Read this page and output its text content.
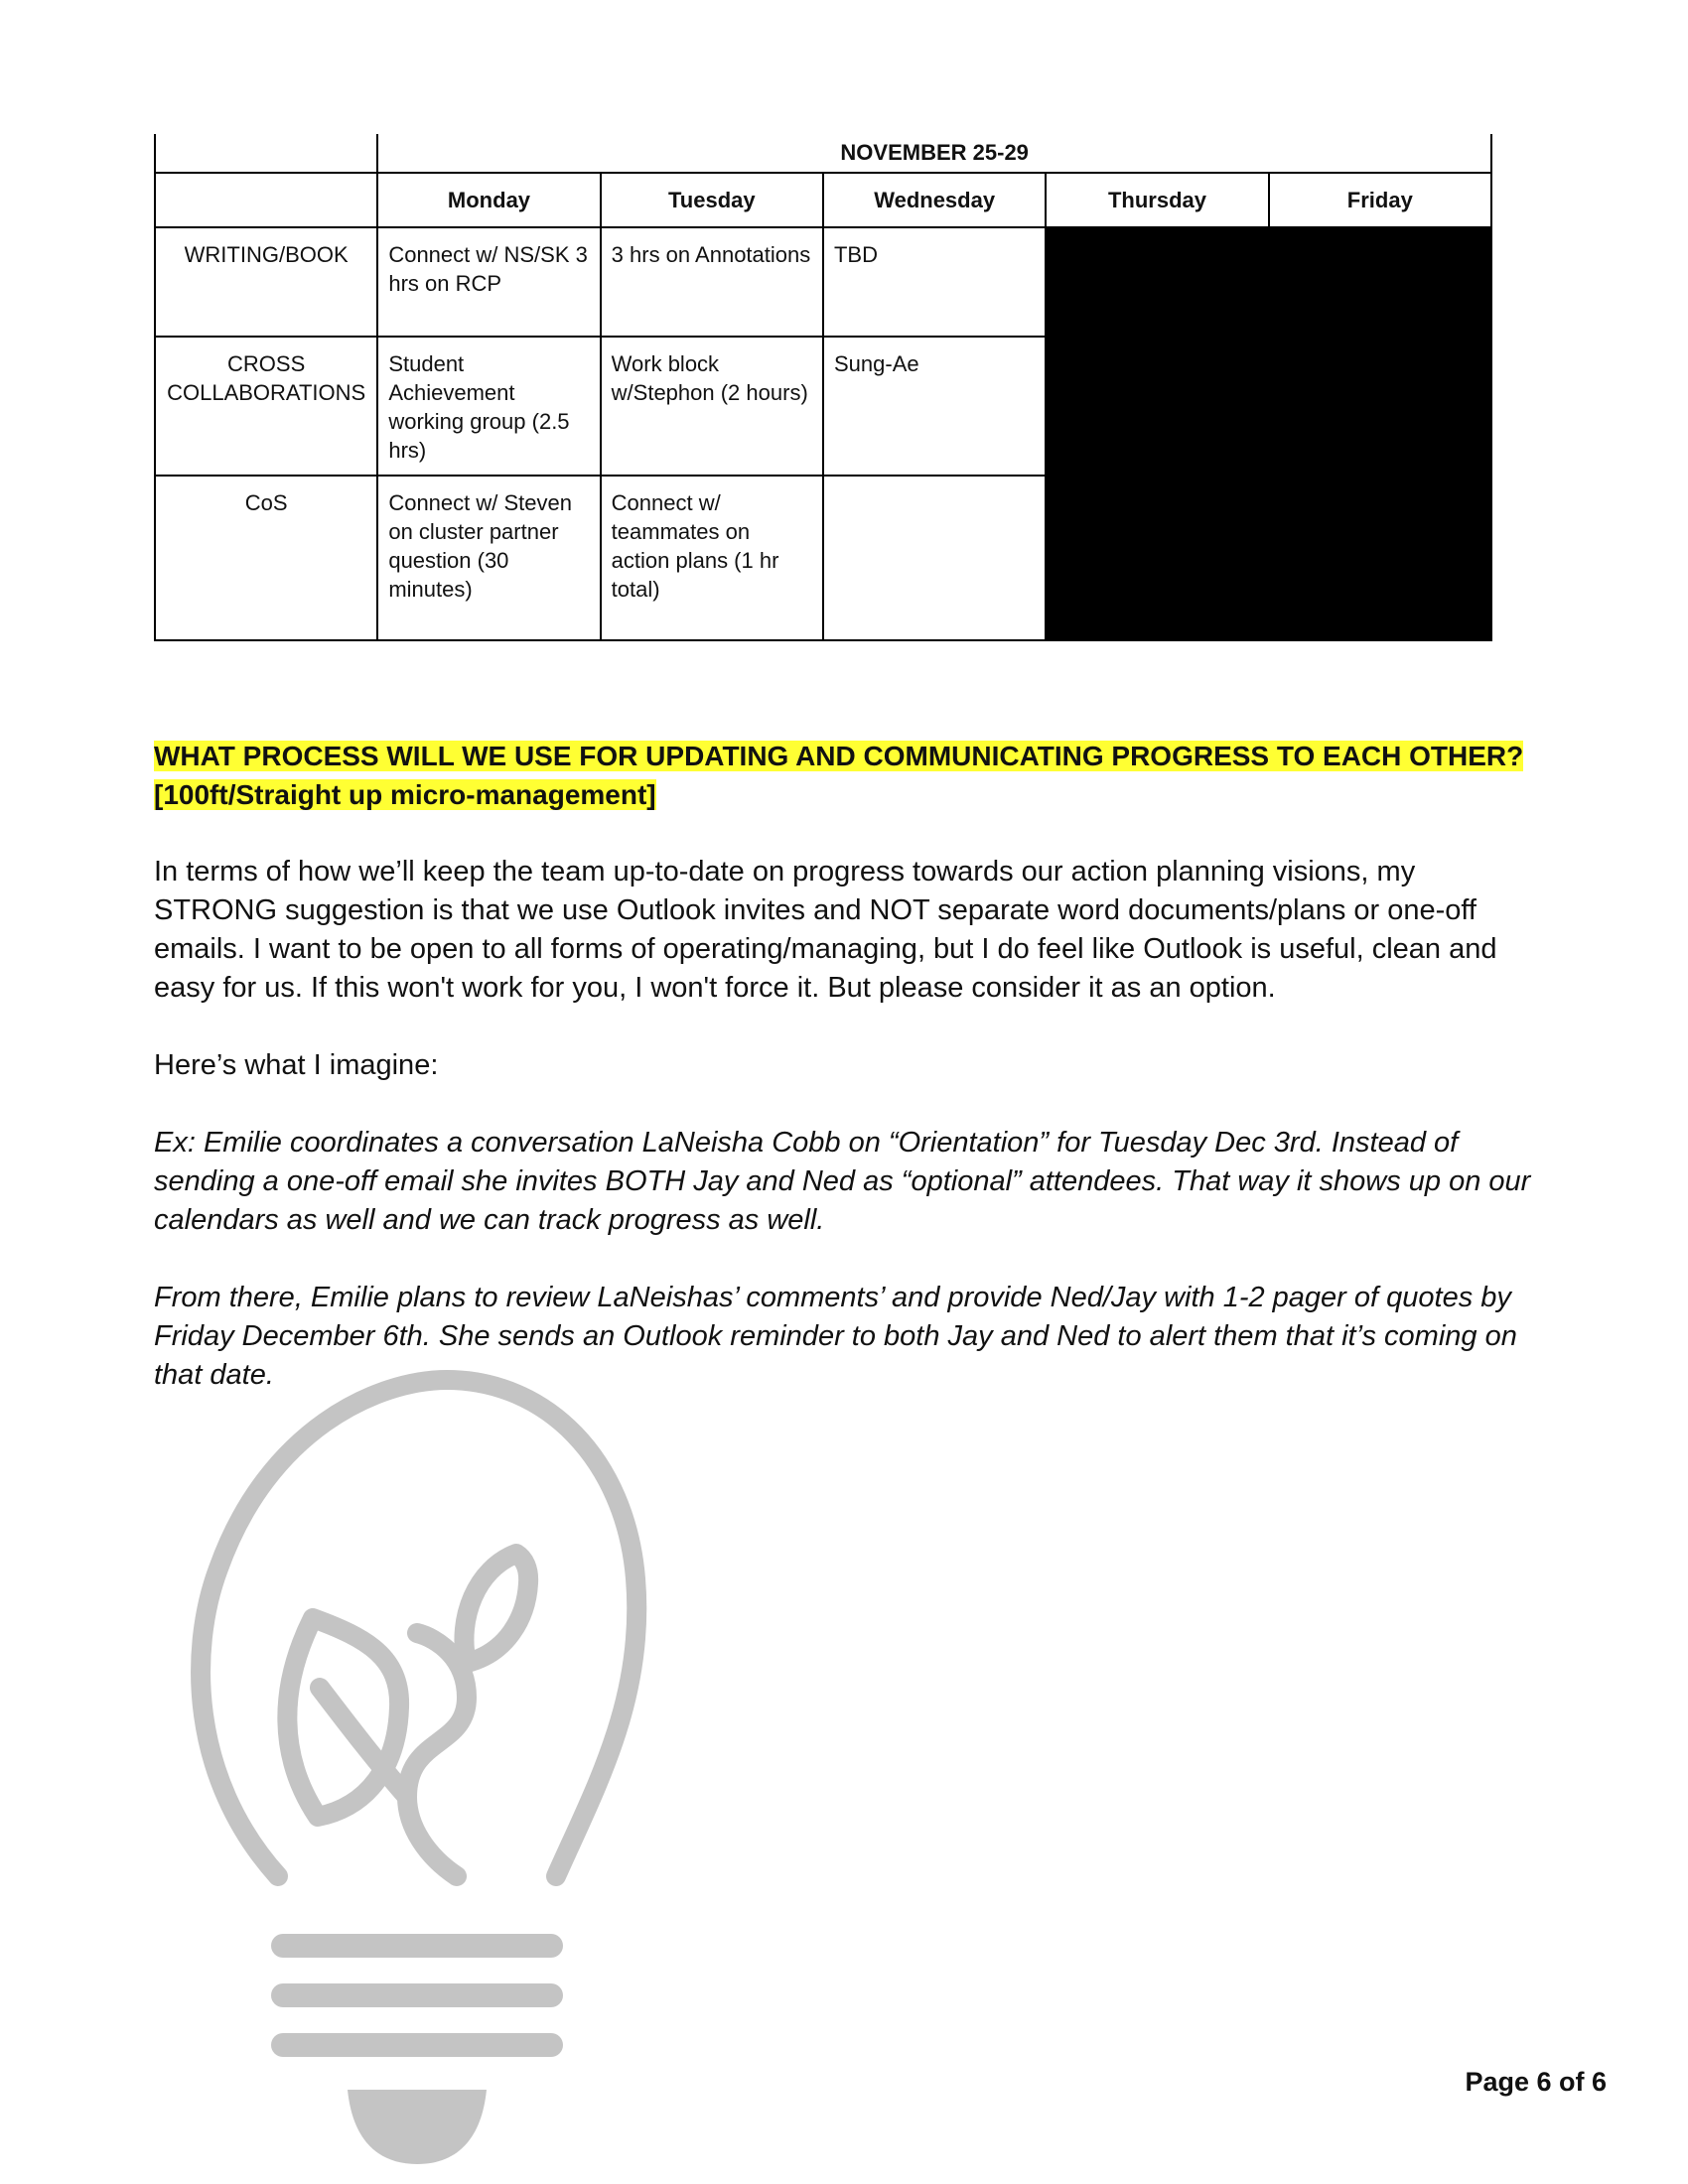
	NOVEMBER 25-29				
	Monday	Tuesday	Wednesday	Thursday	Friday
WRITING/BOOK	Connect w/ NS/SK 3 hrs on RCP	3 hrs on Annotations	TBD		
CROSS COLLABORATIONS	Student Achievement working group (2.5 hrs)	Work block w/Stephon (2 hours)	Sung-Ae		
CoS	Connect w/ Steven on cluster partner question (30 minutes)	Connect w/ teammates on action plans (1 hr total)			
WHAT PROCESS WILL WE USE FOR UPDATING AND COMMUNICATING PROGRESS TO EACH OTHER? [100ft/Straight up micro-management]

In terms of how we’ll keep the team up-to-date on progress towards our action planning visions, my STRONG suggestion is that we use Outlook invites and NOT separate word documents/plans or one-off emails. I want to be open to all forms of operating/managing, but I do feel like Outlook is useful, clean and easy for us. If this won't work for you, I won't force it. But please consider it as an option.

Here’s what I imagine:

Ex: Emilie coordinates a conversation LaNeisha Cobb on “Orientation” for Tuesday Dec 3rd. Instead of sending a one-off email she invites BOTH Jay and Ned as “optional” attendees. That way it shows up on our calendars as well and we can track progress as well.

From there, Emilie plans to review LaNeishas’ comments’ and provide Ned/Jay with 1-2 pager of quotes by Friday December 6th. She sends an Outlook reminder to both Jay and Ned to alert them that it’s coming on that date.

Page 6 of 6
